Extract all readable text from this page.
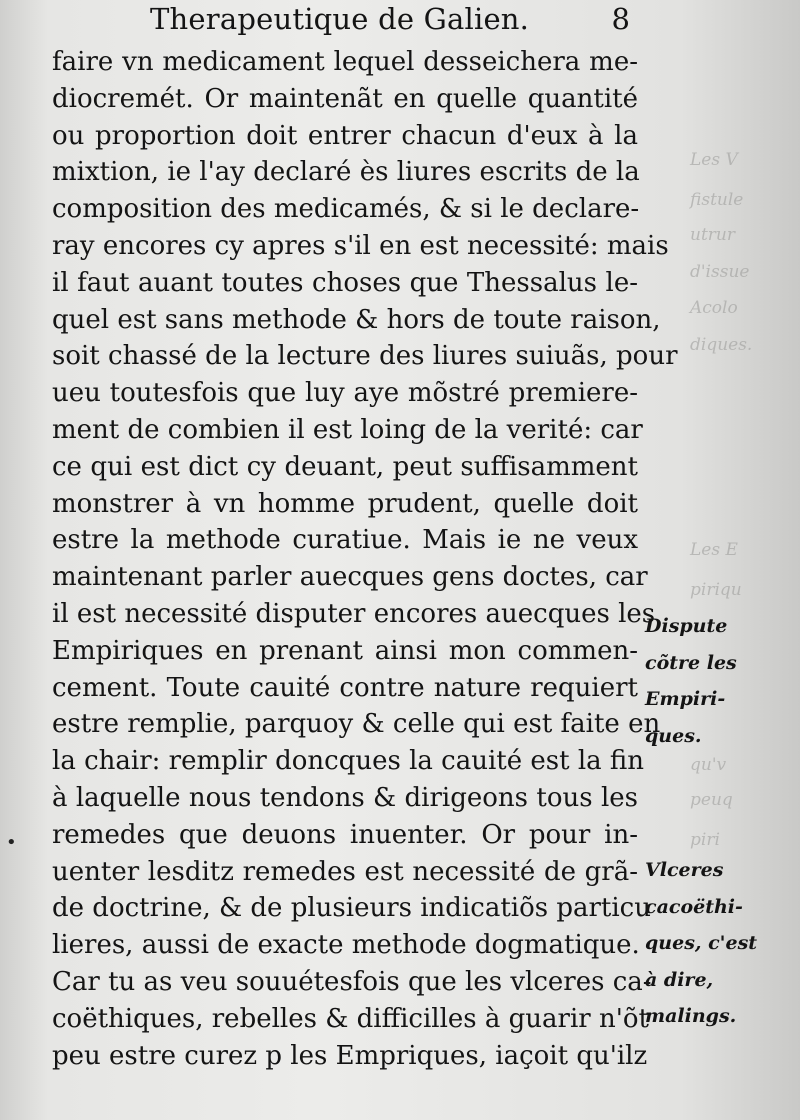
Les V
fistule
utrur
d'issue
Acolo
diques.
Les E
piriqu
qu'v
peuq
piri
Therapeutique de Galien.	8
faire vn medicament lequel desseichera me-
diocremét. Or maintenãt en quelle quantité
ou proportion doit entrer chacun d'eux à la
mixtion, ie l'ay declaré ès liures escrits de la
composition des medicamés, & si le declare-
ray encores cy apres s'il en est necessité: mais
il faut auant toutes choses que Thessalus le-
quel est sans methode & hors de toute raison,
soit chassé de la lecture des liures suiuãs, pour
ueu toutesfois que luy aye mõstré premiere-
ment de combien il est loing de la verité: car
ce qui est dict cy deuant, peut suffisamment
monstrer à vn homme prudent, quelle doit
estre la methode curatiue. Mais ie ne veux
maintenant parler auecques gens doctes, car
il est necessité disputer encores auecques les
Empiriques en prenant ainsi mon commen-
cement. Toute cauité contre nature requiert
estre remplie, parquoy & celle qui est faite en
la chair: remplir doncques la cauité est la fin
à laquelle nous tendons & dirigeons tous les
remedes que deuons inuenter. Or pour in-
uenter lesditz remedes est necessité de grã-
de doctrine, & de plusieurs indicatiõs particu
lieres, aussi de exacte methode dogmatique.
Car tu as veu souuétesfois que les vlceres ca-
coëthiques, rebelles & difficilles à guarir n'õt
peu estre curez p les Empriques, iaçoit qu'ilz
Dispute
cõtre les
Empiri-
ques.
Vlceres
cacoëthi-
ques, c'est
à dire,
malings.
•
